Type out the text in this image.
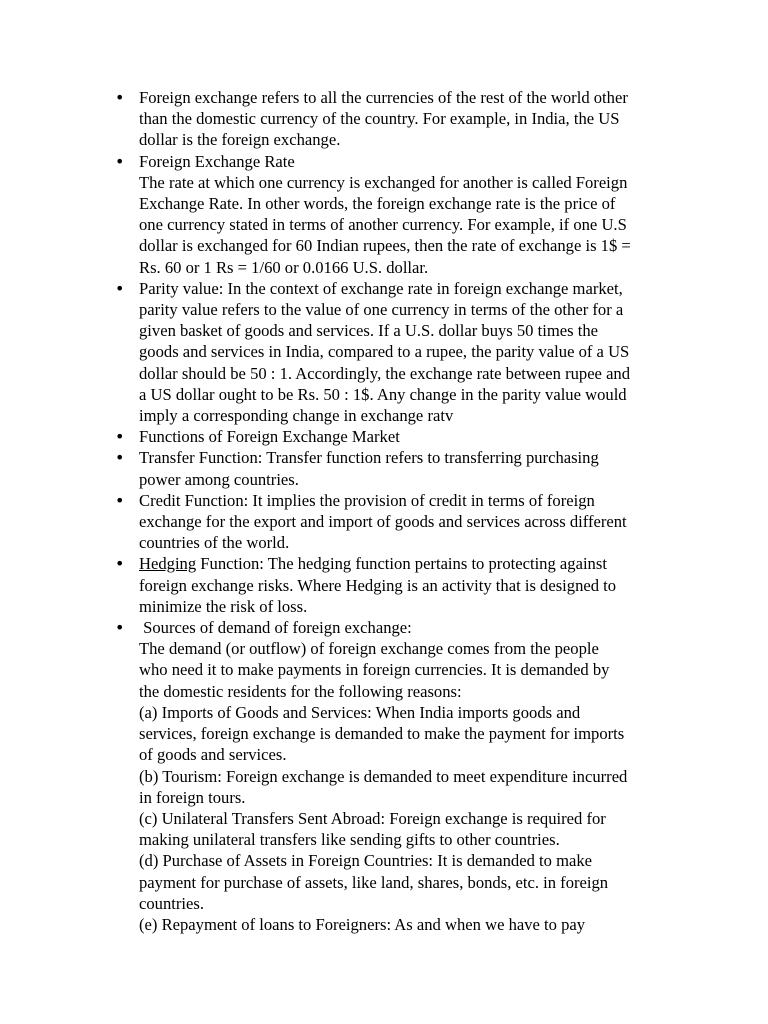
• Foreign exchange refers to all the currencies of the rest of the world other
than the domestic currency of the country. For example, in India, the US
dollar is the foreign exchange.
• Foreign Exchange Rate
The rate at which one currency is exchanged for another is called Foreign
Exchange Rate. In other words, the foreign exchange rate is the price of
one currency stated in terms of another currency. For example, if one U.S
dollar is exchanged for 60 Indian rupees, then the rate of exchange is 1$ =
Rs. 60 or 1 Rs = 1/60 or 0.0166 U.S. dollar.
• Parity value: In the context of exchange rate in foreign exchange market,
parity value refers to the value of one currency in terms of the other for a
given basket of goods and services. If a U.S. dollar buys 50 times the
goods and services in India, compared to a rupee, the parity value of a US
dollar should be 50 : 1. Accordingly, the exchange rate between rupee and
a US dollar ought to be Rs. 50 : 1$. Any change in the parity value would
imply a corresponding change in exchange ratv
• Functions of Foreign Exchange Market
• Transfer Function: Transfer function refers to transferring purchasing
power among countries.
• Credit Function: It implies the provision of credit in terms of foreign
exchange for the export and import of goods and services across different
countries of the world.
• Hedging Function: The hedging function pertains to protecting against
foreign exchange risks. Where Hedging is an activity that is designed to
minimize the risk of loss.
• Sources of demand of foreign exchange:
The demand (or outflow) of foreign exchange comes from the people
who need it to make payments in foreign currencies. It is demanded by
the domestic residents for the following reasons:
(a) Imports of Goods and Services: When India imports goods and
services, foreign exchange is demanded to make the payment for imports
of goods and services.
(b) Tourism: Foreign exchange is demanded to meet expenditure incurred
in foreign tours.
(c) Unilateral Transfers Sent Abroad: Foreign exchange is required for
making unilateral transfers like sending gifts to other countries.
(d) Purchase of Assets in Foreign Countries: It is demanded to make
payment for purchase of assets, like land, shares, bonds, etc. in foreign
countries.
(e) Repayment of loans to Foreigners: As and when we have to pay
